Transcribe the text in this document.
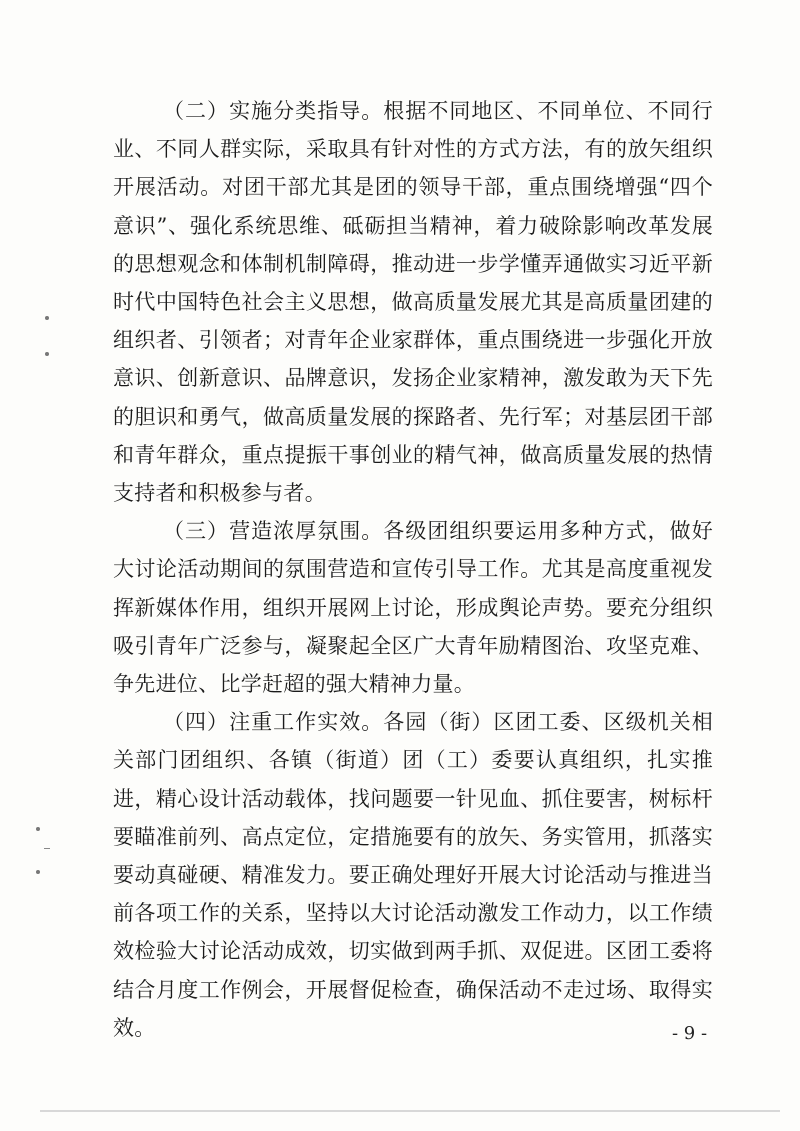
（二）实施分类指导。根据不同地区、不同单位、不同行业、不同人群实际，采取具有针对性的方式方法，有的放矢组织开展活动。对团干部尤其是团的领导干部，重点围绕增强“四个意识”、强化系统思维、砥砺担当精神，着力破除影响改革发展的思想观念和体制机制障碍，推动进一步学懂弄通做实习近平新时代中国特色社会主义思想，做高质量发展尤其是高质量团建的组织者、引领者；对青年企业家群体，重点围绕进一步强化开放意识、创新意识、品牌意识，发扬企业家精神，激发敢为天下先的胆识和勇气，做高质量发展的探路者、先行军；对基层团干部和青年群众，重点提振干事创业的精气神，做高质量发展的热情支持者和积极参与者。

（三）营造浓厚氛围。各级团组织要运用多种方式，做好大讨论活动期间的氛围营造和宣传引导工作。尤其是高度重视发挥新媒体作用，组织开展网上讨论，形成舆论声势。要充分组织吸引青年广泛参与，凝聚起全区广大青年励精图治、攻坚克难、争先进位、比学赶超的强大精神力量。

（四）注重工作实效。各园（街）区团工委、区级机关相关部门团组织、各镇（街道）团（工）委要认真组织，扎实推进，精心设计活动载体，找问题要一针见血、抓住要害，树标杆要瞄准前列、高点定位，定措施要有的放矢、务实管用，抓落实要动真碰硬、精准发力。要正确处理好开展大讨论活动与推进当前各项工作的关系，坚持以大讨论活动激发工作动力，以工作绩效检验大讨论活动成效，切实做到两手抓、双促进。区团工委将结合月度工作例会，开展督促检查，确保活动不走过场、取得实效。	- 9 -
